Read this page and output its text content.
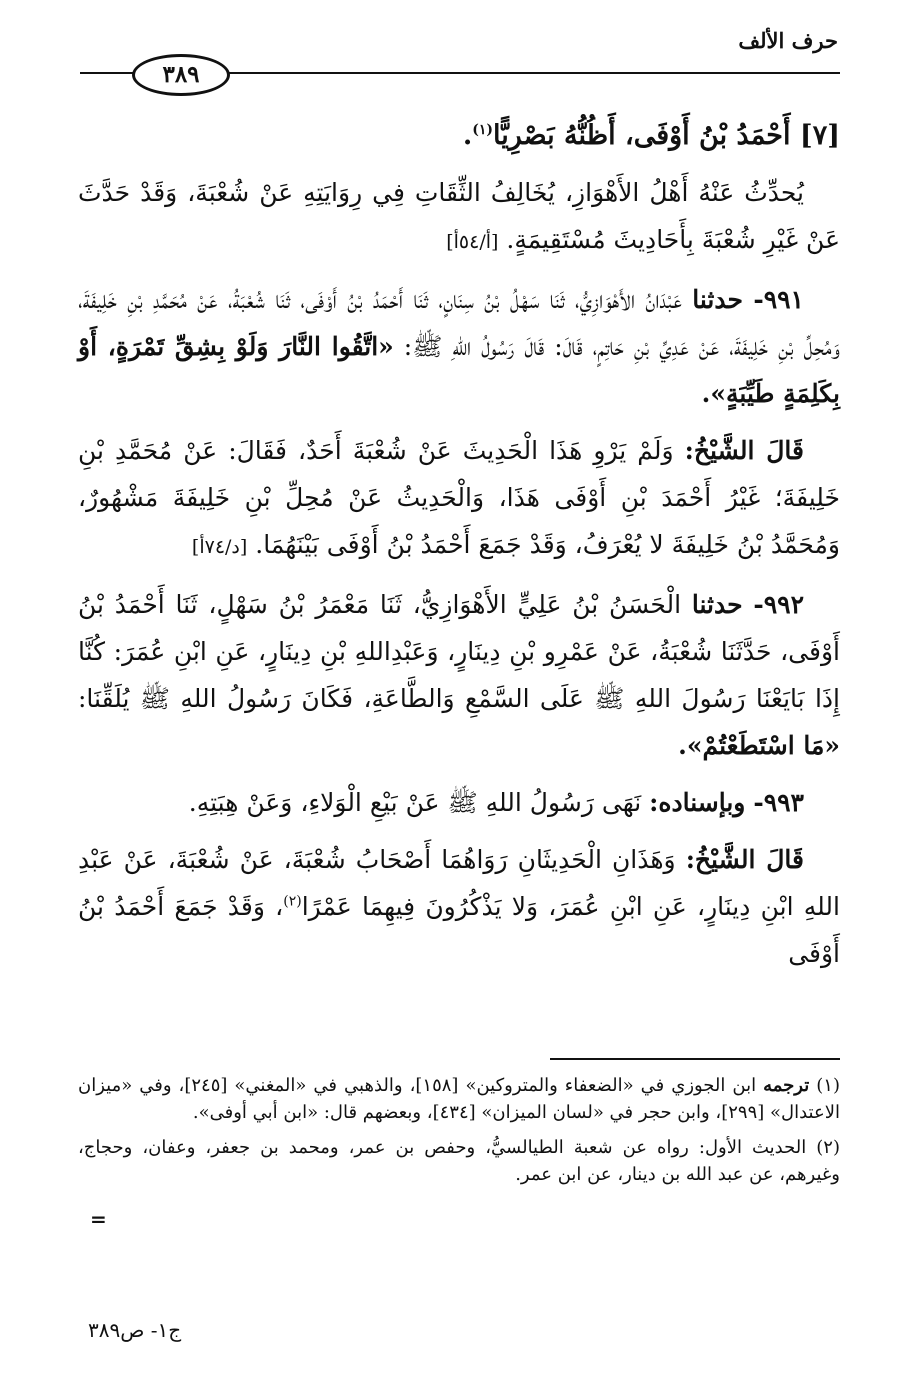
حرف الألف
٣٨٩

[٧] أَحْمَدُ بْنُ أَوْفَى، أَظُنُّهُ بَصْرِيًّا$^{(١)}$.

يُحدِّثُ عَنْهُ أَهْلُ الأَهْوَازِ، يُخَالِفُ الثِّقَاتِ فِي رِوَايَتِهِ عَنْ شُعْبَةَ، وَقَدْ حَدَّثَ عَنْ غَيْرِ شُعْبَةَ بِأَحَادِيثَ مُسْتَقِيمَةٍ. [أ/٥٤أ]

٩٩١- حدثنا عَبْدَانُ الأَهْوَازِيُّ، ثَنَا سَهْلُ بْنُ سِنَانٍ، ثَنَا أَحْمَدُ بْنُ أَوْفَى، ثَنَا شُعْبَةُ، عَنْ مُحَمَّدِ بْنِ خَلِيفَةَ، وَمُحِلِّ بْنِ خَلِيفَةَ، عَنْ عَدِيِّ بْنِ حَاتِمٍ، قَالَ: قَالَ رَسُولُ اللهِ ﷺ: «اتَّقُوا النَّارَ وَلَوْ بِشِقِّ تَمْرَةٍ، أَوْ بِكَلِمَةٍ طَيِّبَةٍ».

قَالَ الشَّيْخُ: وَلَمْ يَرْوِ هَذَا الْحَدِيثَ عَنْ شُعْبَةَ أَحَدٌ، فَقَالَ: عَنْ مُحَمَّدِ بْنِ خَلِيفَةَ؛ غَيْرُ أَحْمَدَ بْنِ أَوْفَى هَذَا، وَالْحَدِيثُ عَنْ مُحِلِّ بْنِ خَلِيفَةَ مَشْهُورٌ، وَمُحَمَّدُ بْنُ خَلِيفَةَ لا يُعْرَفُ، وَقَدْ جَمَعَ أَحْمَدُ بْنُ أَوْفَى بَيْنَهُمَا. [د/٧٤أ]

٩٩٢- حدثنا الْحَسَنُ بْنُ عَلِيٍّ الأَهْوَازِيُّ، ثَنَا مَعْمَرُ بْنُ سَهْلٍ، ثَنَا أَحْمَدُ بْنُ أَوْفَى، حَدَّثَنَا شُعْبَةُ، عَنْ عَمْرِو بْنِ دِينَارٍ، وَعَبْدِاللهِ بْنِ دِينَارٍ، عَنِ ابْنِ عُمَرَ: كُنَّا إِذَا بَايَعْنَا رَسُولَ اللهِ ﷺ عَلَى السَّمْعِ وَالطَّاعَةِ، فَكَانَ رَسُولُ اللهِ ﷺ يُلَقِّنَا: «مَا اسْتَطَعْتُمْ».

٩٩٣- وبإسناده: نَهَى رَسُولُ اللهِ ﷺ عَنْ بَيْعِ الْوَلاءِ، وَعَنْ هِبَتِهِ.

قَالَ الشَّيْخُ: وَهَذَانِ الْحَدِيثَانِ رَوَاهُمَا أَصْحَابُ شُعْبَةَ، عَنْ شُعْبَةَ، عَنْ عَبْدِ اللهِ ابْنِ دِينَارٍ، عَنِ ابْنِ عُمَرَ، وَلا يَذْكُرُونَ فِيهِمَا عَمْرًا$^{(٢)}$، وَقَدْ جَمَعَ أَحْمَدُ بْنُ أَوْفَى

(١) ترجمه ابن الجوزي في «الضعفاء والمتروكين» [١٥٨]، والذهبي في «المغني» [٢٤٥]، وفي «ميزان الاعتدال» [٢٩٩]، وابن حجر في «لسان الميزان» [٤٣٤]، وبعضهم قال: «ابن أبي أوفى».

(٢) الحديث الأول: رواه عن شعبة الطيالسيُّ، وحفص بن عمر، ومحمد بن جعفر، وعفان، وحجاج، وغيرهم، عن عبد الله بن دينار، عن ابن عمر.

=
ج١- ص٣٨٩
